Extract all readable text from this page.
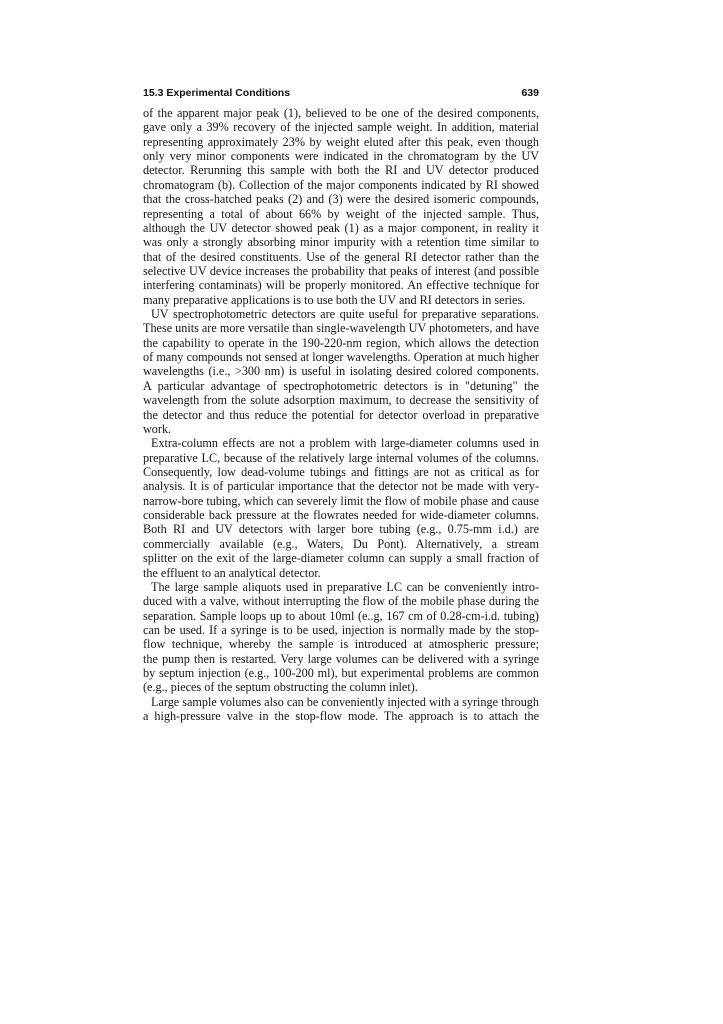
15.3 Experimental Conditions	639
of the apparent major peak (1), believed to be one of the desired components,
gave only a 39% recovery of the injected sample weight. In addition, material
representing approximately 23% by weight eluted after this peak, even though
only very minor components were indicated in the chromatogram by the UV
detector. Rerunning this sample with both the RI and UV detector produced
chromatogram (b). Collection of the major components indicated by RI showed
that the cross-hatched peaks (2) and (3) were the desired isomeric compounds,
representing a total of about 66% by weight of the injected sample. Thus,
although the UV detector showed peak (1) as a major component, in reality it
was only a strongly absorbing minor impurity with a retention time similar to
that of the desired constituents. Use of the general RI detector rather than the
selective UV device increases the probability that peaks of interest (and possible
interfering contaminats) will be properly monitored. An effective technique for
many preparative applications is to use both the UV and RI detectors in series.
UV spectrophotometric detectors are quite useful for preparative separations.
These units are more versatile than single-wavelength UV photometers, and have
the capability to operate in the 190-220-nm region, which allows the detection
of many compounds not sensed at longer wavelengths. Operation at much higher
wavelengths (i.e., >300 nm) is useful in isolating desired colored components.
A particular advantage of spectrophotometric detectors is in "detuning" the
wavelength from the solute adsorption maximum, to decrease the sensitivity of
the detector and thus reduce the potential for detector overload in preparative
work.
Extra-column effects are not a problem with large-diameter columns used in
preparative LC, because of the relatively large internal volumes of the columns.
Consequently, low dead-volume tubings and fittings are not as critical as for
analysis. It is of particular importance that the detector not be made with very-
narrow-bore tubing, which can severely limit the flow of mobile phase and cause
considerable back pressure at the flowrates needed for wide-diameter columns.
Both RI and UV detectors with larger bore tubing (e.g., 0.75-mm i.d.) are
commercially available (e.g., Waters, Du Pont). Alternatively, a stream
splitter on the exit of the large-diameter column can supply a small fraction of
the effluent to an analytical detector.
The large sample aliquots used in preparative LC can be conveniently intro-
duced with a valve, without interrupting the flow of the mobile phase during the
separation. Sample loops up to about 10ml (e..g, 167 cm of 0.28-cm-i.d. tubing)
can be used. If a syringe is to be used, injection is normally made by the stop-
flow technique, whereby the sample is introduced at atmospheric pressure;
the pump then is restarted. Very large volumes can be delivered with a syringe
by septum injection (e.g., 100-200 ml), but experimental problems are common
(e.g., pieces of the septum obstructing the column inlet).
Large sample volumes also can be conveniently injected with a syringe through
a high-pressure valve in the stop-flow mode. The approach is to attach the
